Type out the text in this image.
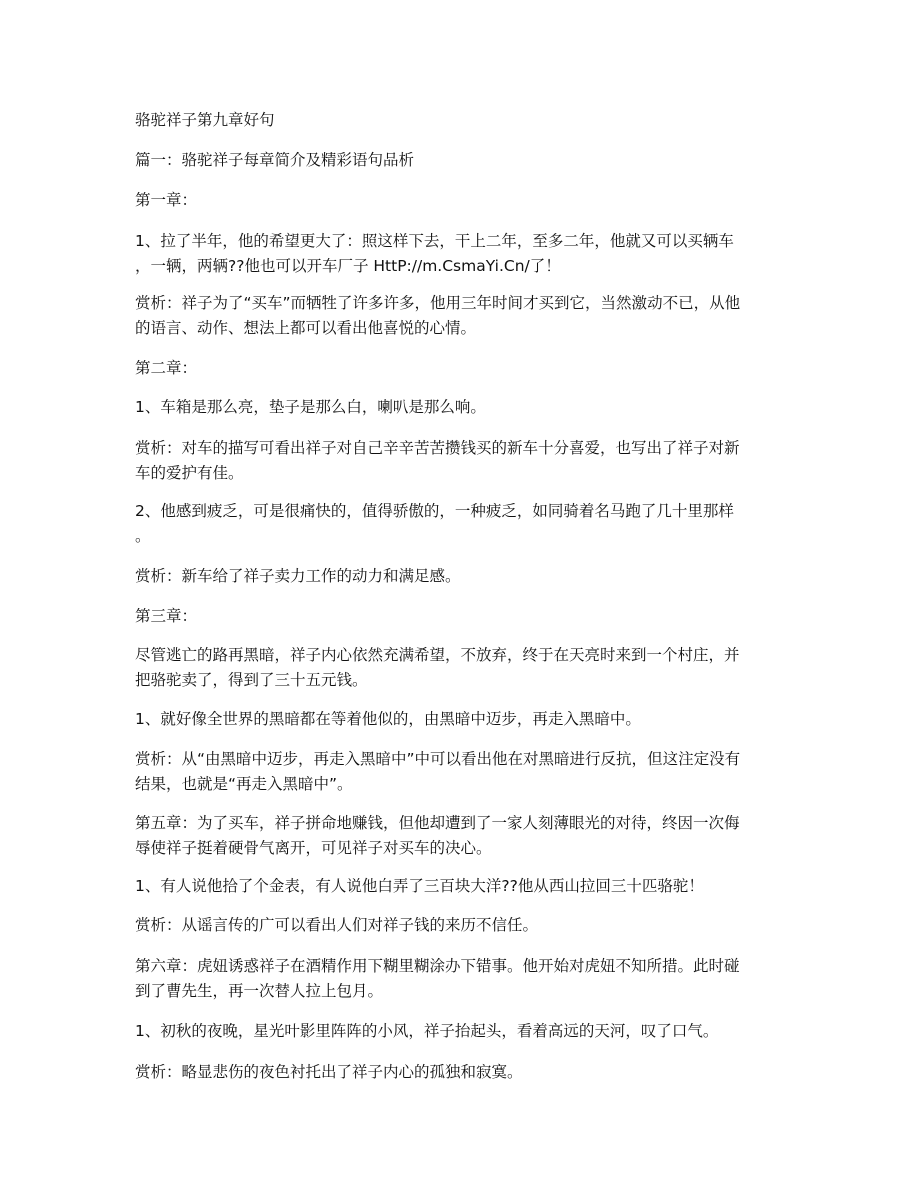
骆驼祥子第九章好句
篇一：骆驼祥子每章简介及精彩语句品析
第一章：
1、拉了半年，他的希望更大了：照这样下去，干上二年，至多二年，他就又可以买辆车
，一辆，两辆??他也可以开车厂子 HttP://m.CsmaYi.Cn/了！
赏析：祥子为了“买车”而牺牲了许多许多，他用三年时间才买到它，当然激动不已，从他
的语言、动作、想法上都可以看出他喜悦的心情。
第二章：
1、车箱是那么亮，垫子是那么白，喇叭是那么响。
赏析：对车的描写可看出祥子对自己辛辛苦苦攒钱买的新车十分喜爱，也写出了祥子对新
车的爱护有佳。
2、他感到疲乏，可是很痛快的，值得骄傲的，一种疲乏，如同骑着名马跑了几十里那样
。
赏析：新车给了祥子卖力工作的动力和满足感。
第三章：
尽管逃亡的路再黑暗，祥子内心依然充满希望，不放弃，终于在天亮时来到一个村庄，并
把骆驼卖了，得到了三十五元钱。
1、就好像全世界的黑暗都在等着他似的，由黑暗中迈步，再走入黑暗中。
赏析：从“由黑暗中迈步，再走入黑暗中”中可以看出他在对黑暗进行反抗，但这注定没有
结果，也就是“再走入黑暗中”。
第五章：为了买车，祥子拼命地赚钱，但他却遭到了一家人刻薄眼光的对待，终因一次侮
辱使祥子挺着硬骨气离开，可见祥子对买车的决心。
1、有人说他拾了个金表，有人说他白弄了三百块大洋??他从西山拉回三十匹骆驼！
赏析：从谣言传的广可以看出人们对祥子钱的来历不信任。
第六章：虎妞诱惑祥子在酒精作用下糊里糊涂办下错事。他开始对虎妞不知所措。此时碰
到了曹先生，再一次替人拉上包月。
1、初秋的夜晚，星光叶影里阵阵的小风，祥子抬起头，看着高远的天河，叹了口气。
赏析：略显悲伤的夜色衬托出了祥子内心的孤独和寂寞。
